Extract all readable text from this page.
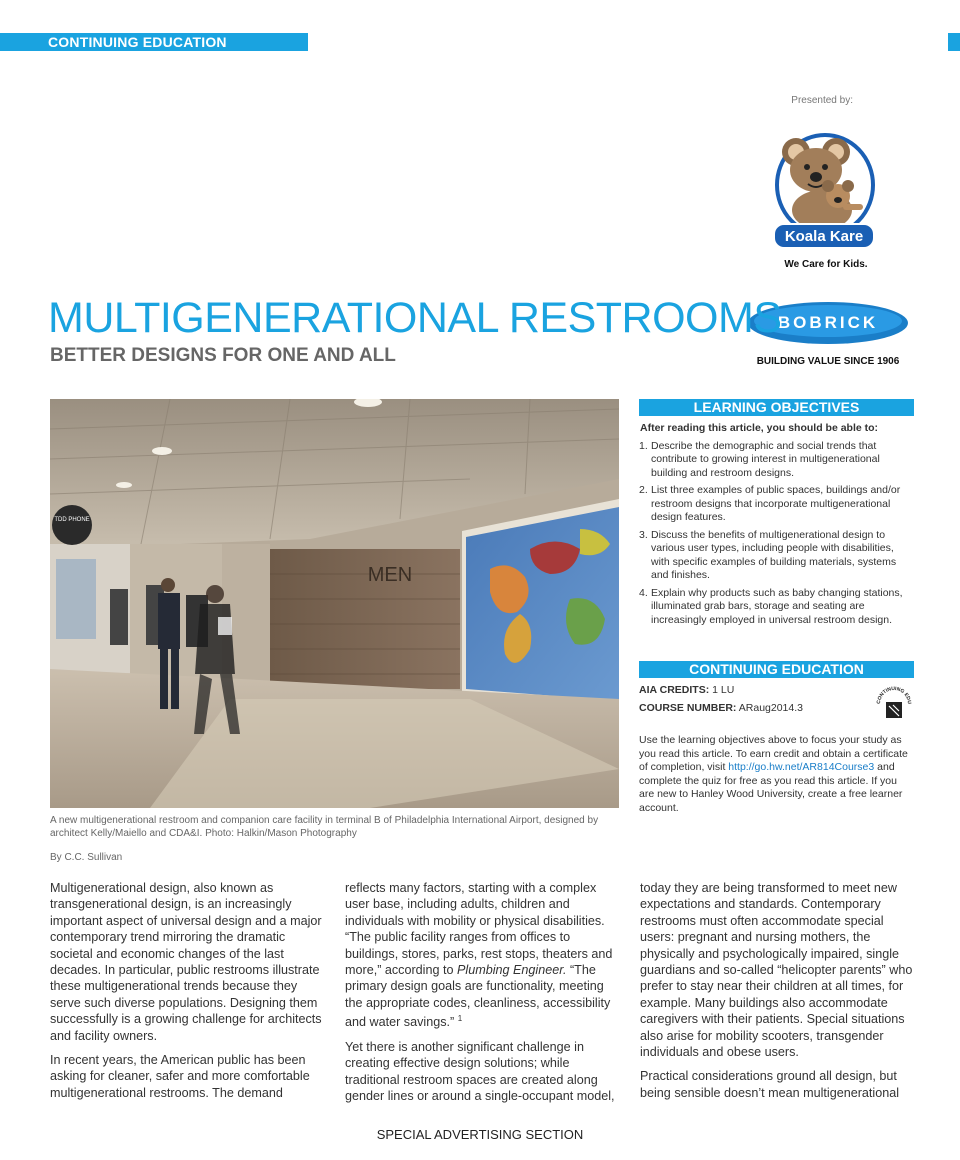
CONTINUING EDUCATION
Presented by:
Koala Kare
We Care for Kids.
BOBRICK
BUILDING VALUE SINCE 1906
MULTIGENERATIONAL RESTROOMS
BETTER DESIGNS FOR ONE AND ALL
MEN
TDD PHONE
A new multigenerational restroom and companion care facility in terminal B of Philadelphia International Airport, designed by architect Kelly/Maiello and CDA&I. Photo: Halkin/Mason Photography
By C.C. Sullivan
LEARNING OBJECTIVES
After reading this article, you should be able to:
1. Describe the demographic and social trends that contribute to growing interest in multigenerational building and restroom designs.
2. List three examples of public spaces, buildings and/or restroom designs that incorporate multigenerational design features.
3. Discuss the benefits of multigenerational design to various user types, including people with disabilities, with specific examples of building materials, systems and finishes.
4. Explain why products such as baby changing stations, illuminated grab bars, storage and seating are increasingly employed in universal restroom design.
CONTINUING EDUCATION
AIA CREDITS: 1 LU
COURSE NUMBER: ARaug2014.3
Use the learning objectives above to focus your study as you read this article. To earn credit and obtain a certificate of completion, visit http://go.hw.net/AR814Course3 and complete the quiz for free as you read this article. If you are new to Hanley Wood University, create a free learner account.
CONTINUING EDU

Multigenerational design, also known as transgenerational design, is an increasingly important aspect of universal design and a major contemporary trend mirroring the dramatic societal and economic changes of the last decades. In particular, public restrooms illustrate these multigenerational trends because they serve such diverse populations. Designing them successfully is a growing challenge for architects and facility owners.

In recent years, the American public has been asking for cleaner, safer and more comfortable multigenerational restrooms. The demand

reflects many factors, starting with a complex user base, including adults, children and individuals with mobility or physical disabilities. “The public facility ranges from offices to buildings, stores, parks, rest stops, theaters and more,” according to Plumbing Engineer. “The primary design goals are functionality, meeting the appropriate codes, cleanliness, accessibility and water savings.” $^1$

Yet there is another significant challenge in creating effective design solutions; while traditional restroom spaces are created along gender lines or around a single-occupant model,

today they are being transformed to meet new expectations and standards. Contemporary restrooms must often accommodate special users: pregnant and nursing mothers, the physically and psychologically impaired, single guardians and so-called “helicopter parents” who prefer to stay near their children at all times, for example. Many buildings also accommodate caregivers with their patients. Special situations also arise for mobility scooters, transgender individuals and obese users.

Practical considerations ground all design, but being sensible doesn’t mean multigenerational

SPECIAL ADVERTISING SECTION
